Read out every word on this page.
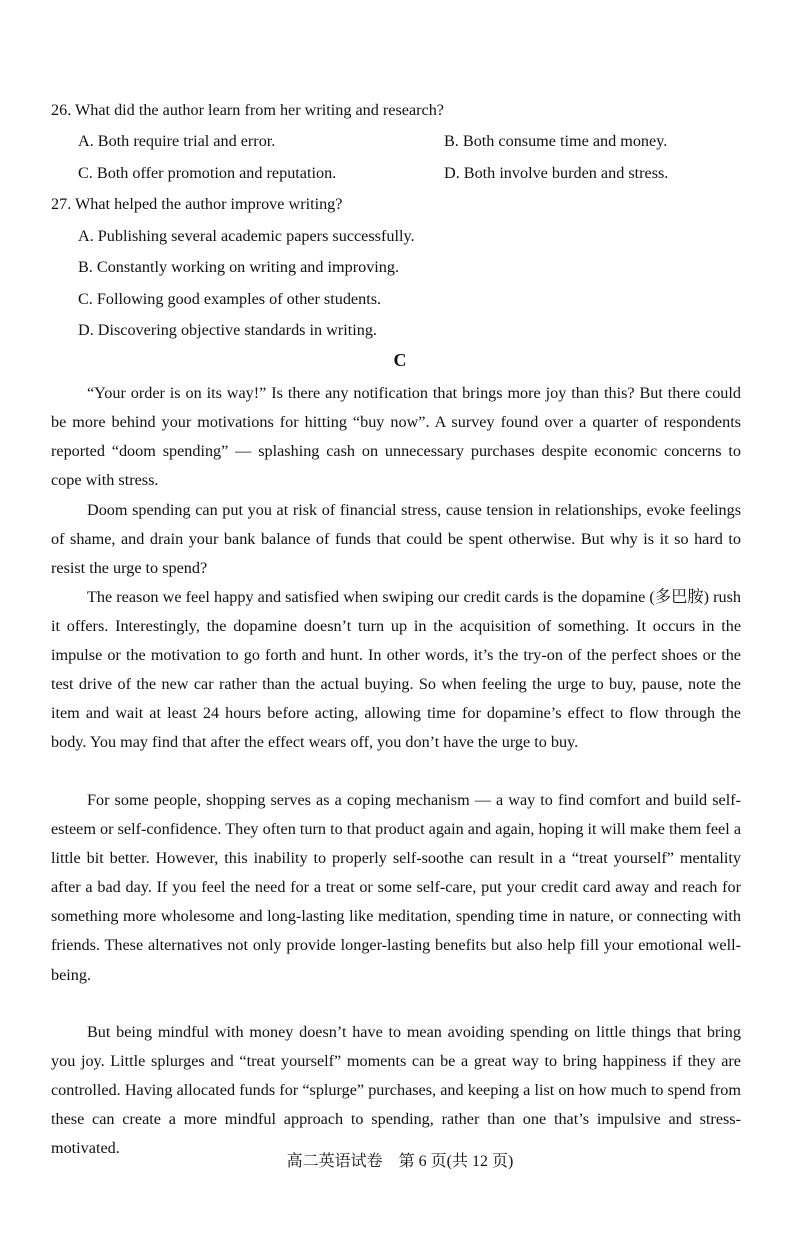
26. What did the author learn from her writing and research?
A. Both require trial and error.	B. Both consume time and money.
C. Both offer promotion and reputation.	D. Both involve burden and stress.
27. What helped the author improve writing?
A. Publishing several academic papers successfully.
B. Constantly working on writing and improving.
C. Following good examples of other students.
D. Discovering objective standards in writing.
C

“Your order is on its way!” Is there any notification that brings more joy than this? But there could be more behind your motivations for hitting “buy now”. A survey found over a quarter of respondents reported “doom spending” — splashing cash on unnecessary purchases despite economic concerns to cope with stress.

Doom spending can put you at risk of financial stress, cause tension in relationships, evoke feelings of shame, and drain your bank balance of funds that could be spent otherwise. But why is it so hard to resist the urge to spend?

The reason we feel happy and satisfied when swiping our credit cards is the dopamine (多巴胺) rush it offers. Interestingly, the dopamine doesn’t turn up in the acquisition of something. It occurs in the impulse or the motivation to go forth and hunt. In other words, it’s the try-on of the perfect shoes or the test drive of the new car rather than the actual buying. So when feeling the urge to buy, pause, note the item and wait at least 24 hours before acting, allowing time for dopamine’s effect to flow through the body. You may find that after the effect wears off, you don’t have the urge to buy.

For some people, shopping serves as a coping mechanism — a way to find comfort and build self-esteem or self-confidence. They often turn to that product again and again, hoping it will make them feel a little bit better. However, this inability to properly self-soothe can result in a “treat yourself” mentality after a bad day. If you feel the need for a treat or some self-care, put your credit card away and reach for something more wholesome and long-lasting like meditation, spending time in nature, or connecting with friends. These alternatives not only provide longer-lasting benefits but also help fill your emotional well-being.

But being mindful with money doesn’t have to mean avoiding spending on little things that bring you joy. Little splurges and “treat yourself” moments can be a great way to bring happiness if they are controlled. Having allocated funds for “splurge” purchases, and keeping a list on how much to spend from these can create a more mindful approach to spending, rather than one that’s impulsive and stress-motivated.

高二英语试卷　第 6 页(共 12 页)
